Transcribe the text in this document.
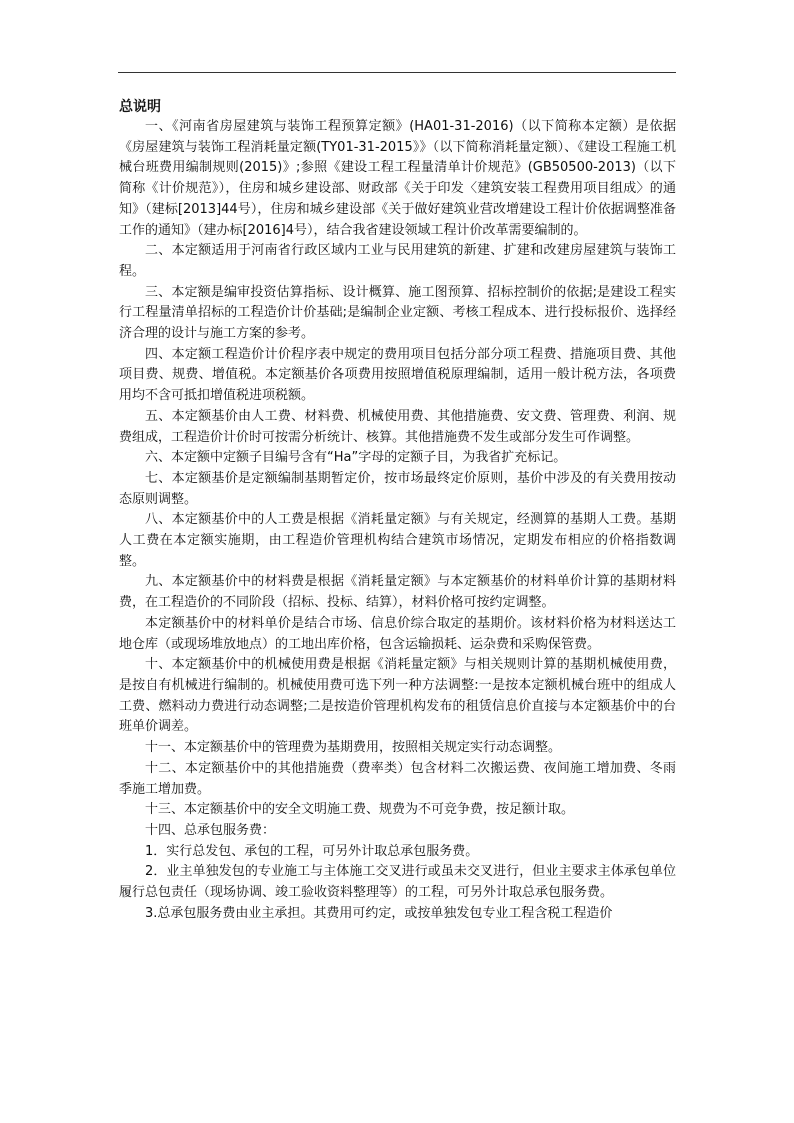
总说明

一、《河南省房屋建筑与装饰工程预算定额》(HA01-31-2016)（以下简称本定额）是依据《房屋建筑与装饰工程消耗量定额(TY01-31-2015》》（以下简称消耗量定额）、《建设工程施工机械台班费用编制规则(2015)》;参照《建设工程工程量清单计价规范》(GB50500-2013)（以下简称《计价规范》），住房和城乡建设部、财政部《关于印发〈建筑安装工程费用项目组成〉的通知》（建标[2013]44号），住房和城乡建设部《关于做好建筑业营改增建设工程计价依据调整准备工作的通知》（建办标[2016]4号），结合我省建设领域工程计价改革需要编制的。

二、本定额适用于河南省行政区域内工业与民用建筑的新建、扩建和改建房屋建筑与装饰工程。

三、本定额是编审投资估算指标、设计概算、施工图预算、招标控制价的依据;是建设工程实行工程量清单招标的工程造价计价基础;是编制企业定额、考核工程成本、进行投标报价、选择经济合理的设计与施工方案的参考。

四、本定额工程造价计价程序表中规定的费用项目包括分部分项工程费、措施项目费、其他项目费、规费、增值税。本定额基价各项费用按照增值税原理编制，适用一般计税方法，各项费用均不含可抵扣增值税进项税额。

五、本定额基价由人工费、材料费、机械使用费、其他措施费、安文费、管理费、利润、规费组成，工程造价计价时可按需分析统计、核算。其他措施费不发生或部分发生可作调整。

六、本定额中定额子目编号含有“Ha”字母的定额子目，为我省扩充标记。

七、本定额基价是定额编制基期暂定价，按市场最终定价原则，基价中涉及的有关费用按动态原则调整。

八、本定额基价中的人工费是根据《消耗量定额》与有关规定，经测算的基期人工费。基期人工费在本定额实施期，由工程造价管理机构结合建筑市场情况，定期发布相应的价格指数调整。

九、本定额基价中的材料费是根据《消耗量定额》与本定额基价的材料单价计算的基期材料费，在工程造价的不同阶段（招标、投标、结算），材料价格可按约定调整。

本定额基价中的材料单价是结合市场、信息价综合取定的基期价。该材料价格为材料送达工地仓库（或现场堆放地点）的工地出库价格，包含运输损耗、运杂费和采购保管费。

十、本定额基价中的机械使用费是根据《消耗量定额》与相关规则计算的基期机械使用费，是按自有机械进行编制的。机械使用费可选下列一种方法调整:一是按本定额机械台班中的组成人工费、燃料动力费进行动态调整;二是按造价管理机构发布的租赁信息价直接与本定额基价中的台班单价调差。

十一、本定额基价中的管理费为基期费用，按照相关规定实行动态调整。

十二、本定额基价中的其他措施费（费率类）包含材料二次搬运费、夜间施工增加费、冬雨季施工增加费。

十三、本定额基价中的安全文明施工费、规费为不可竞争费，按足额计取。

十四、总承包服务费：

1．实行总发包、承包的工程，可另外计取总承包服务费。

2．业主单独发包的专业施工与主体施工交叉进行或虽未交叉进行，但业主要求主体承包单位履行总包责任（现场协调、竣工验收资料整理等）的工程，可另外计取总承包服务费。

3.总承包服务费由业主承担。其费用可约定，或按单独发包专业工程含税工程造价
